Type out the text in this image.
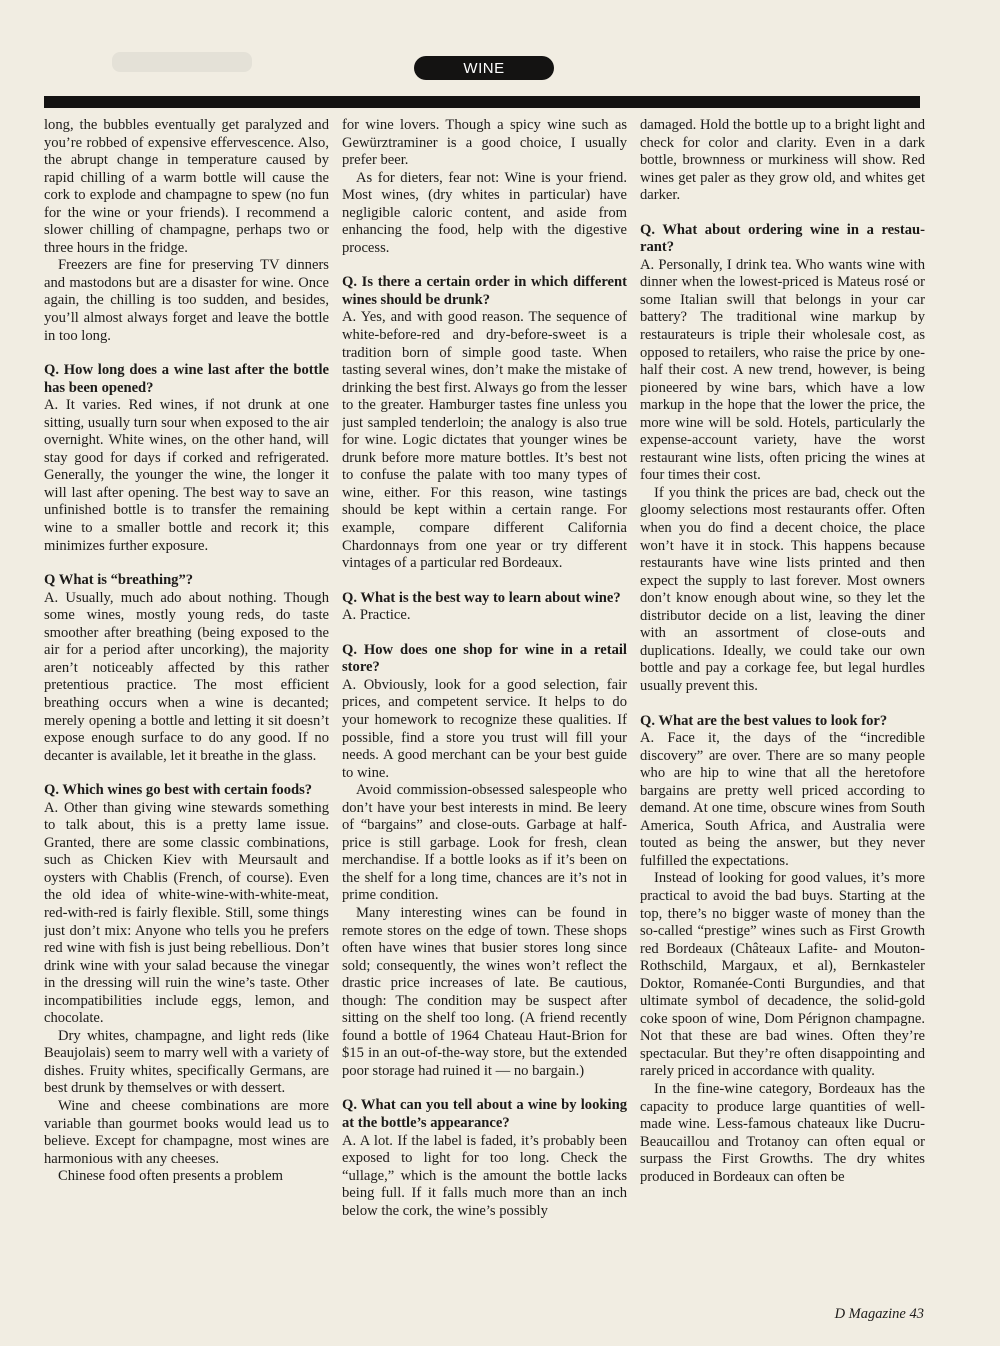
WINE

long, the bubbles eventually get paralyzed and you’re robbed of expensive effervescence. Also, the abrupt change in temperature caused by rapid chilling of a warm bottle will cause the cork to explode and champagne to spew (no fun for the wine or your friends). I recommend a slower chilling of champagne, perhaps two or three hours in the fridge.

Freezers are fine for preserving TV dinners and mastodons but are a disaster for wine. Once again, the chilling is too sudden, and besides, you’ll almost always forget and leave the bottle in too long.

Q. How long does a wine last after the bottle has been opened?

A. It varies. Red wines, if not drunk at one sitting, usually turn sour when exposed to the air overnight. White wines, on the other hand, will stay good for days if corked and refrigerated. Generally, the younger the wine, the longer it will last after opening. The best way to save an unfinished bottle is to transfer the remaining wine to a smaller bottle and recork it; this minimizes further exposure.

Q What is “breathing”?

A. Usually, much ado about nothing. Though some wines, mostly young reds, do taste smoother after breathing (being exposed to the air for a period after uncorking), the majority aren’t noticeably affected by this rather pretentious practice. The most efficient breathing occurs when a wine is decanted; merely opening a bottle and letting it sit doesn’t expose enough surface to do any good. If no decanter is available, let it breathe in the glass.

Q. Which wines go best with certain foods?

A. Other than giving wine stewards something to talk about, this is a pretty lame issue. Granted, there are some classic combinations, such as Chicken Kiev with Meursault and oysters with Chablis (French, of course). Even the old idea of white-wine-with-white-meat, red-with-red is fairly flexible. Still, some things just don’t mix: Anyone who tells you he prefers red wine with fish is just being rebellious. Don’t drink wine with your salad because the vinegar in the dressing will ruin the wine’s taste. Other incompatibilities include eggs, lemon, and chocolate.

Dry whites, champagne, and light reds (like Beaujolais) seem to marry well with a variety of dishes. Fruity whites, specifically Germans, are best drunk by themselves or with dessert.

Wine and cheese combinations are more variable than gourmet books would lead us to believe. Except for champagne, most wines are harmonious with any cheeses.

Chinese food often presents a problem

for wine lovers. Though a spicy wine such as Gewürztraminer is a good choice, I usually prefer beer.

As for dieters, fear not: Wine is your friend. Most wines, (dry whites in particular) have negligible caloric content, and aside from enhancing the food, help with the digestive process.

Q. Is there a certain order in which different wines should be drunk?

A. Yes, and with good reason. The sequence of white-before-red and dry-before-sweet is a tradition born of simple good taste. When tasting several wines, don’t make the mistake of drinking the best first. Always go from the lesser to the greater. Hamburger tastes fine unless you just sampled tenderloin; the analogy is also true for wine. Logic dictates that younger wines be drunk before more mature bottles. It’s best not to confuse the palate with too many types of wine, either. For this reason, wine tastings should be kept within a certain range. For example, compare different California Chardonnays from one year or try different vintages of a particular red Bordeaux.

Q. What is the best way to learn about wine?

A. Practice.

Q. How does one shop for wine in a retail store?

A. Obviously, look for a good selection, fair prices, and competent service. It helps to do your homework to recognize these qualities. If possible, find a store you trust will fill your needs. A good merchant can be your best guide to wine.

Avoid commission-obsessed salespeople who don’t have your best interests in mind. Be leery of “bargains” and close-outs. Garbage at half-price is still garbage. Look for fresh, clean merchandise. If a bottle looks as if it’s been on the shelf for a long time, chances are it’s not in prime condition.

Many interesting wines can be found in remote stores on the edge of town. These shops often have wines that busier stores long since sold; consequently, the wines won’t reflect the drastic price increases of late. Be cautious, though: The condition may be suspect after sitting on the shelf too long. (A friend recently found a bottle of 1964 Chateau Haut-Brion for $15 in an out-of-the-way store, but the extended poor storage had ruined it — no bargain.)

Q. What can you tell about a wine by looking at the bottle’s appearance?

A. A lot. If the label is faded, it’s probably been exposed to light for too long. Check the “ullage,” which is the amount the bottle lacks being full. If it falls much more than an inch below the cork, the wine’s possibly

damaged. Hold the bottle up to a bright light and check for color and clarity. Even in a dark bottle, brownness or murkiness will show. Red wines get paler as they grow old, and whites get darker.

Q. What about ordering wine in a restaurant?

A. Personally, I drink tea. Who wants wine with dinner when the lowest-priced is Mateus rosé or some Italian swill that belongs in your car battery? The traditional wine markup by restaurateurs is triple their wholesale cost, as opposed to retailers, who raise the price by one-half their cost. A new trend, however, is being pioneered by wine bars, which have a low markup in the hope that the lower the price, the more wine will be sold. Hotels, particularly the expense-account variety, have the worst restaurant wine lists, often pricing the wines at four times their cost.

If you think the prices are bad, check out the gloomy selections most restaurants offer. Often when you do find a decent choice, the place won’t have it in stock. This happens because restaurants have wine lists printed and then expect the supply to last forever. Most owners don’t know enough about wine, so they let the distributor decide on a list, leaving the diner with an assortment of close-outs and duplications. Ideally, we could take our own bottle and pay a corkage fee, but legal hurdles usually prevent this.

Q. What are the best values to look for?

A. Face it, the days of the “incredible discovery” are over. There are so many people who are hip to wine that all the heretofore bargains are pretty well priced according to demand. At one time, obscure wines from South America, South Africa, and Australia were touted as being the answer, but they never fulfilled the expectations.

Instead of looking for good values, it’s more practical to avoid the bad buys. Starting at the top, there’s no bigger waste of money than the so-called “prestige” wines such as First Growth red Bordeaux (Châteaux Lafite- and Mouton-Rothschild, Margaux, et al), Bernkasteler Doktor, Romanée-Conti Burgundies, and that ultimate symbol of decadence, the solid-gold coke spoon of wine, Dom Pérignon champagne. Not that these are bad wines. Often they’re spectacular. But they’re often disappointing and rarely priced in accordance with quality.

In the fine-wine category, Bordeaux has the capacity to produce large quantities of well-made wine. Less-famous chateaux like Ducru-Beaucaillou and Trotanoy can often equal or surpass the First Growths. The dry whites produced in Bordeaux can often be

D Magazine 43
